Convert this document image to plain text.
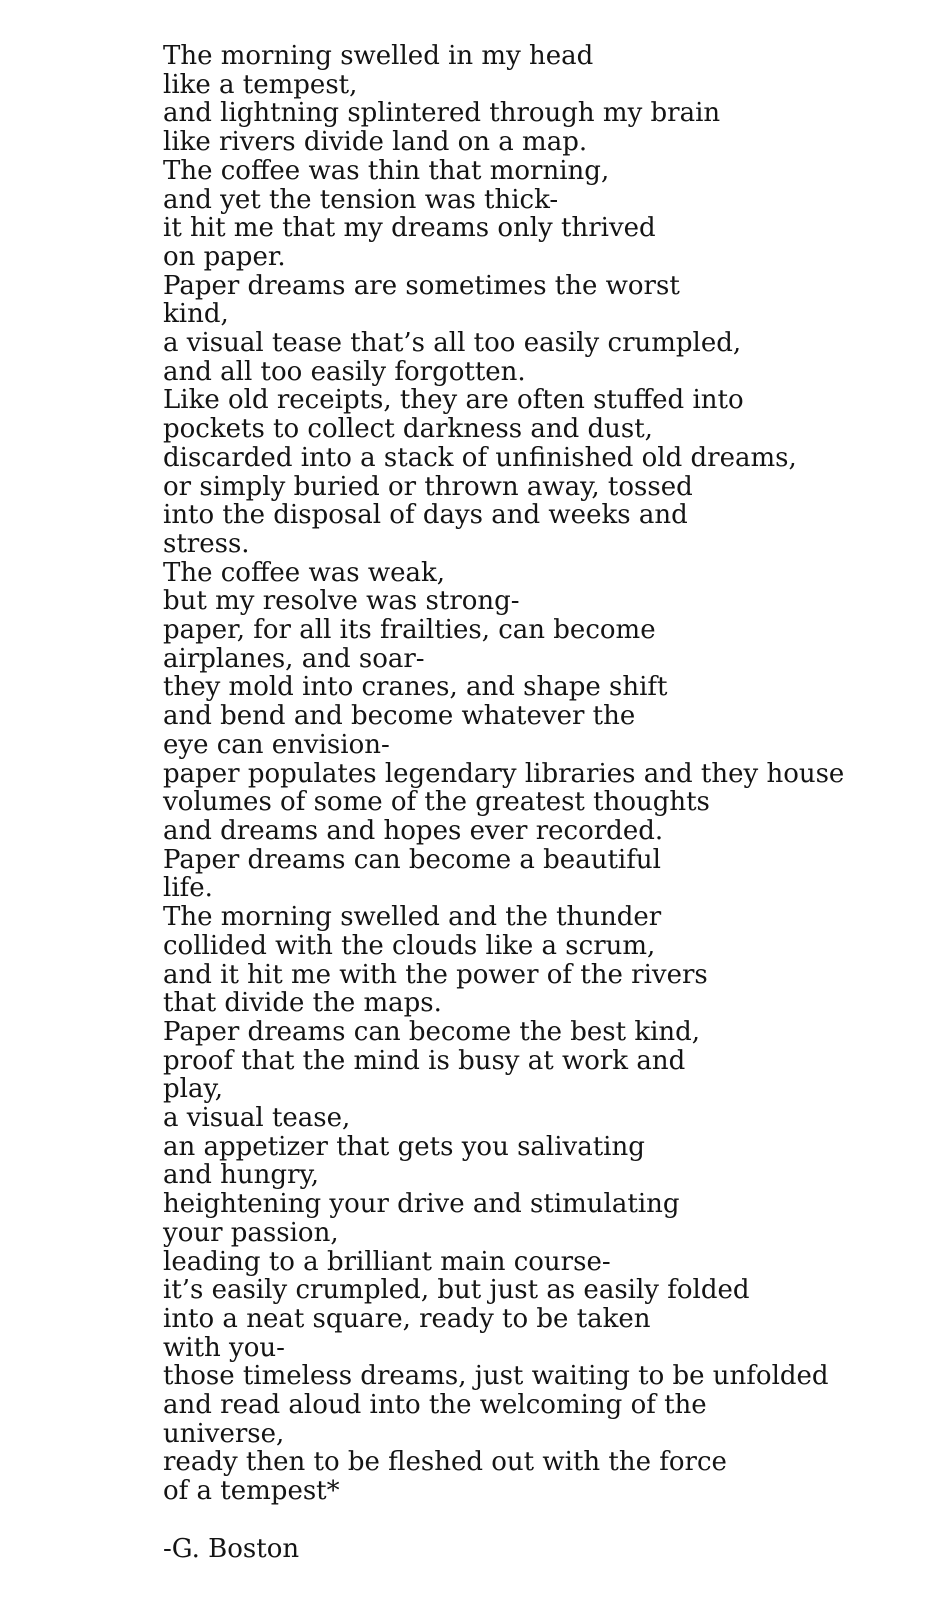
The morning swelled in my head
like a tempest,
and lightning splintered through my brain
like rivers divide land on a map.
The coffee was thin that morning,
and yet the tension was thick-
it hit me that my dreams only thrived
on paper.
Paper dreams are sometimes the worst
kind,
a visual tease that’s all too easily crumpled,
and all too easily forgotten.
Like old receipts, they are often stuffed into
pockets to collect darkness and dust,
discarded into a stack of unfinished old dreams,
or simply buried or thrown away, tossed
into the disposal of days and weeks and
stress.
The coffee was weak,
but my resolve was strong-
paper, for all its frailties, can become
airplanes, and soar-
they mold into cranes, and shape shift
and bend and become whatever the
eye can envision-
paper populates legendary libraries and they house
volumes of some of the greatest thoughts
and dreams and hopes ever recorded.
Paper dreams can become a beautiful
life.
The morning swelled and the thunder
collided with the clouds like a scrum,
and it hit me with the power of the rivers
that divide the maps.
Paper dreams can become the best kind,
proof that the mind is busy at work and
play,
a visual tease,
an appetizer that gets you salivating
and hungry,
heightening your drive and stimulating
your passion,
leading to a brilliant main course-
it’s easily crumpled, but just as easily folded
into a neat square, ready to be taken
with you-
those timeless dreams, just waiting to be unfolded
and read aloud into the welcoming of the
universe,
ready then to be fleshed out with the force
of a tempest*
-G. Boston
